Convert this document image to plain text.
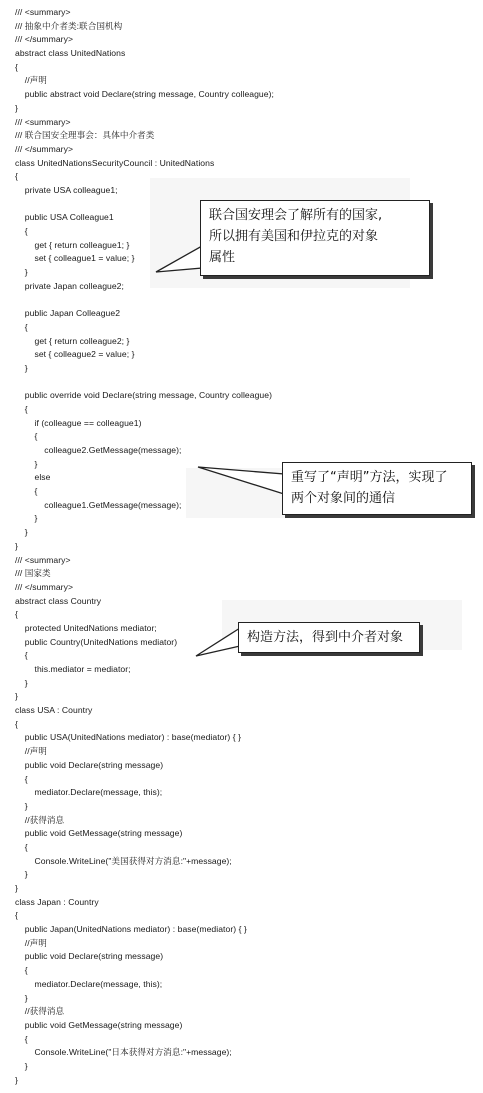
/// <summary>
/// 抽象中介者类:联合国机构
/// </summary>
abstract class UnitedNations
{
//声明
public abstract void Declare(string message, Country colleague);
}
/// <summary>
/// 联合国安全理事会：具体中介者类
/// </summary>
class UnitedNationsSecurityCouncil : UnitedNations
{
private USA colleague1;
public USA Colleague1
{
get { return colleague1; }
set { colleague1 = value; }
}
private Japan colleague2;
public Japan Colleague2
{
get { return colleague2; }
set { colleague2 = value; }
}
public override void Declare(string message, Country colleague)
{
if (colleague == colleague1)
{
colleague2.GetMessage(message);
}
else
{
colleague1.GetMessage(message);
}
}
}
/// <summary>
/// 国家类
/// </summary>
abstract class Country
{
protected UnitedNations mediator;
public Country(UnitedNations mediator)
{
this.mediator = mediator;
}
}
class USA : Country
{
public USA(UnitedNations mediator) : base(mediator) { }
//声明
public void Declare(string message)
{
mediator.Declare(message, this);
}
//获得消息
public void GetMessage(string message)
{
Console.WriteLine("美国获得对方消息:"+message);
}
}
class Japan : Country
{
public Japan(UnitedNations mediator) : base(mediator) { }
//声明
public void Declare(string message)
{
mediator.Declare(message, this);
}
//获得消息
public void GetMessage(string message)
{
Console.WriteLine("日本获得对方消息:"+message);
}
}
联合国安理会了解所有的国家,
所以拥有美国和伊拉克的对象
属性
重写了“声明”方法，实现了
两个对象间的通信
构造方法，得到中介者对象
